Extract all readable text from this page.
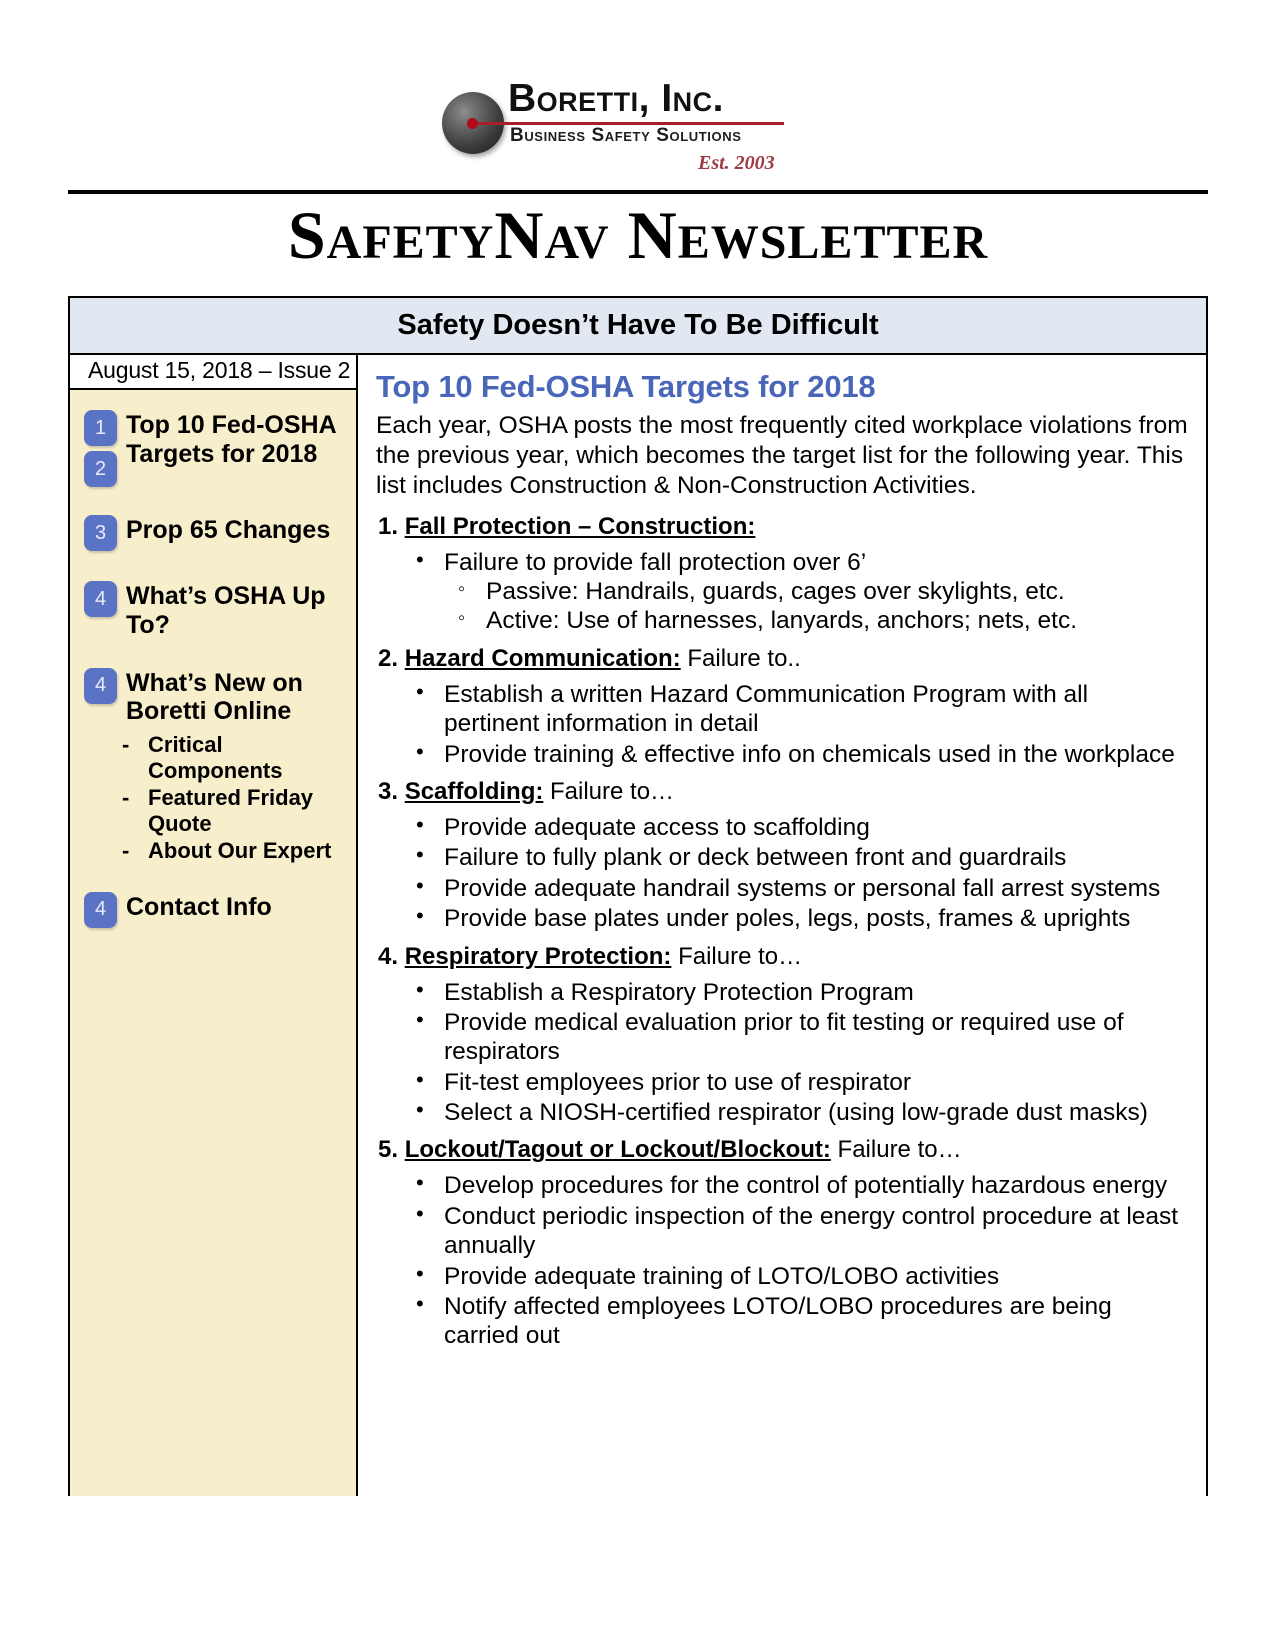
Boretti, Inc.
Business Safety Solutions
Est. 2003
SafetyNav Newsletter
Safety Doesn’t Have To Be Difficult
August 15, 2018 – Issue 2
1
2
Top 10 Fed-OSHA Targets for 2018
3 Prop 65 Changes
4 What’s OSHA Up To?
4 What’s New on Boretti Online
- Critical Components
- Featured Friday Quote
- About Our Expert
4 Contact Info
Top 10 Fed-OSHA Targets for 2018

Each year, OSHA posts the most frequently cited workplace violations from the previous year, which becomes the target list for the following year. This list includes Construction & Non-Construction Activities.

1. Fall Protection – Construction:
• Failure to provide fall protection over 6’
◦ Passive: Handrails, guards, cages over skylights, etc.
◦ Active: Use of harnesses, lanyards, anchors; nets, etc.
2. Hazard Communication: Failure to..
• Establish a written Hazard Communication Program with all pertinent information in detail
• Provide training & effective info on chemicals used in the workplace
3. Scaffolding: Failure to…
• Provide adequate access to scaffolding
• Failure to fully plank or deck between front and guardrails
• Provide adequate handrail systems or personal fall arrest systems
• Provide base plates under poles, legs, posts, frames & uprights
4. Respiratory Protection: Failure to…
• Establish a Respiratory Protection Program
• Provide medical evaluation prior to fit testing or required use of respirators
• Fit-test employees prior to use of respirator
• Select a NIOSH-certified respirator (using low-grade dust masks)
5. Lockout/Tagout or Lockout/Blockout: Failure to…
• Develop procedures for the control of potentially hazardous energy
• Conduct periodic inspection of the energy control procedure at least annually
• Provide adequate training of LOTO/LOBO activities
• Notify affected employees LOTO/LOBO procedures are being carried out
